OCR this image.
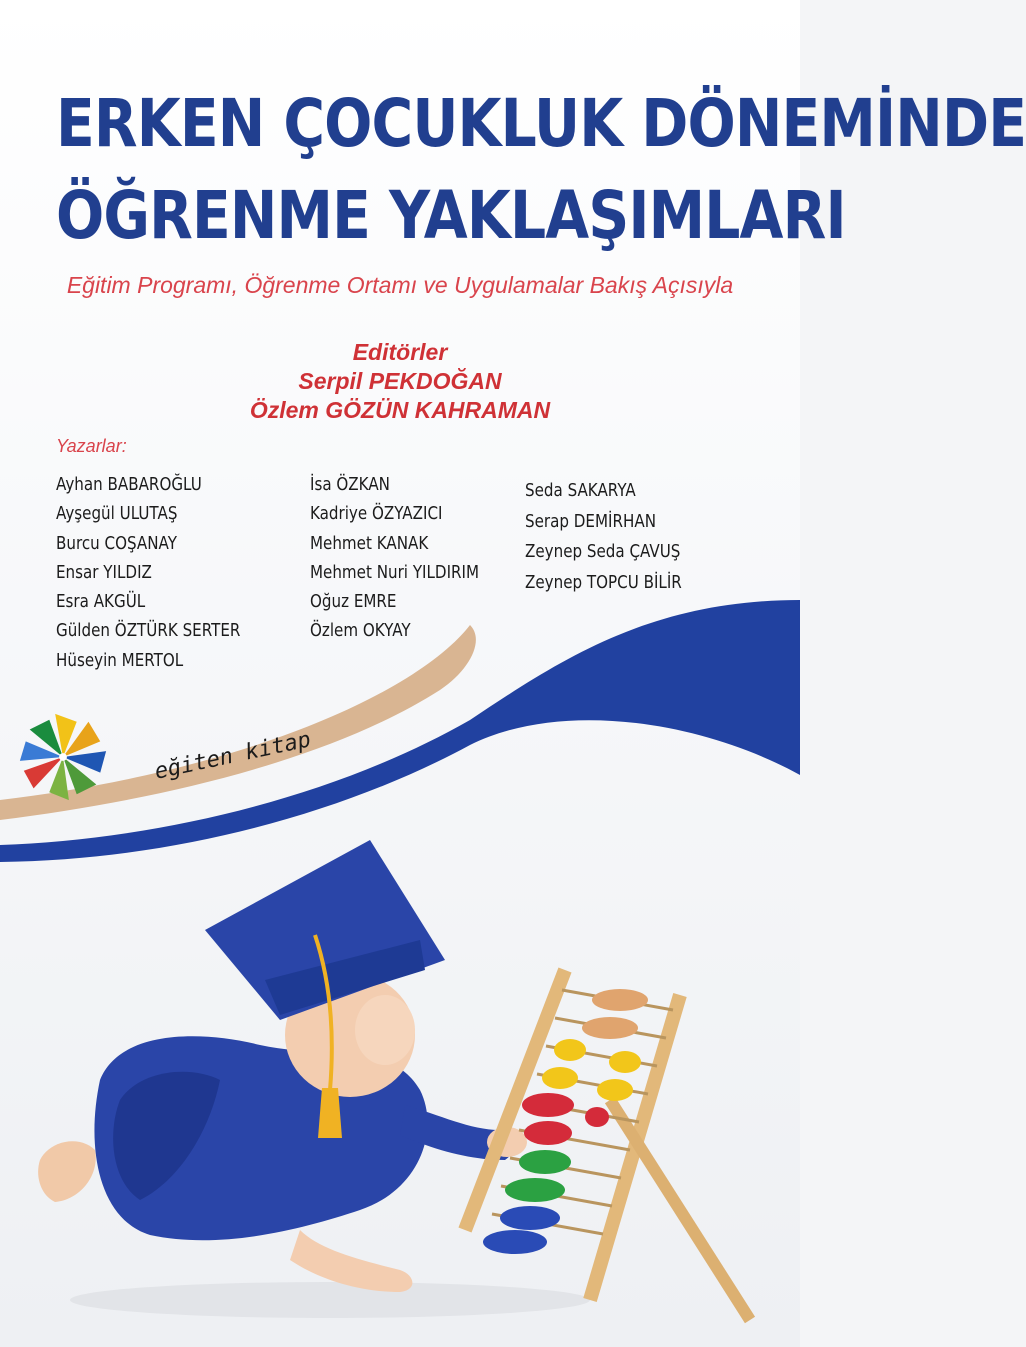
ERKEN ÇOCUKLUK DÖNEMİNDE
ÖĞRENME YAKLAŞIMLARI
Eğitim Programı, Öğrenme Ortamı ve Uygulamalar Bakış Açısıyla
Editörler
Serpil PEKDOĞAN
Özlem GÖZÜN KAHRAMAN
Yazarlar:
Ayhan BABAROĞLU
Ayşegül ULUTAŞ
Burcu COŞANAY
Ensar YILDIZ
Esra AKGÜL
Gülden ÖZTÜRK SERTER
Hüseyin MERTOL
İsa ÖZKAN
Kadriye ÖZYAZICI
Mehmet KANAK
Mehmet Nuri YILDIRIM
Oğuz EMRE
Özlem OKYAY
Seda SAKARYA
Serap DEMİRHAN
Zeynep Seda ÇAVUŞ
Zeynep TOPCU BİLİR
eğiten kitap
